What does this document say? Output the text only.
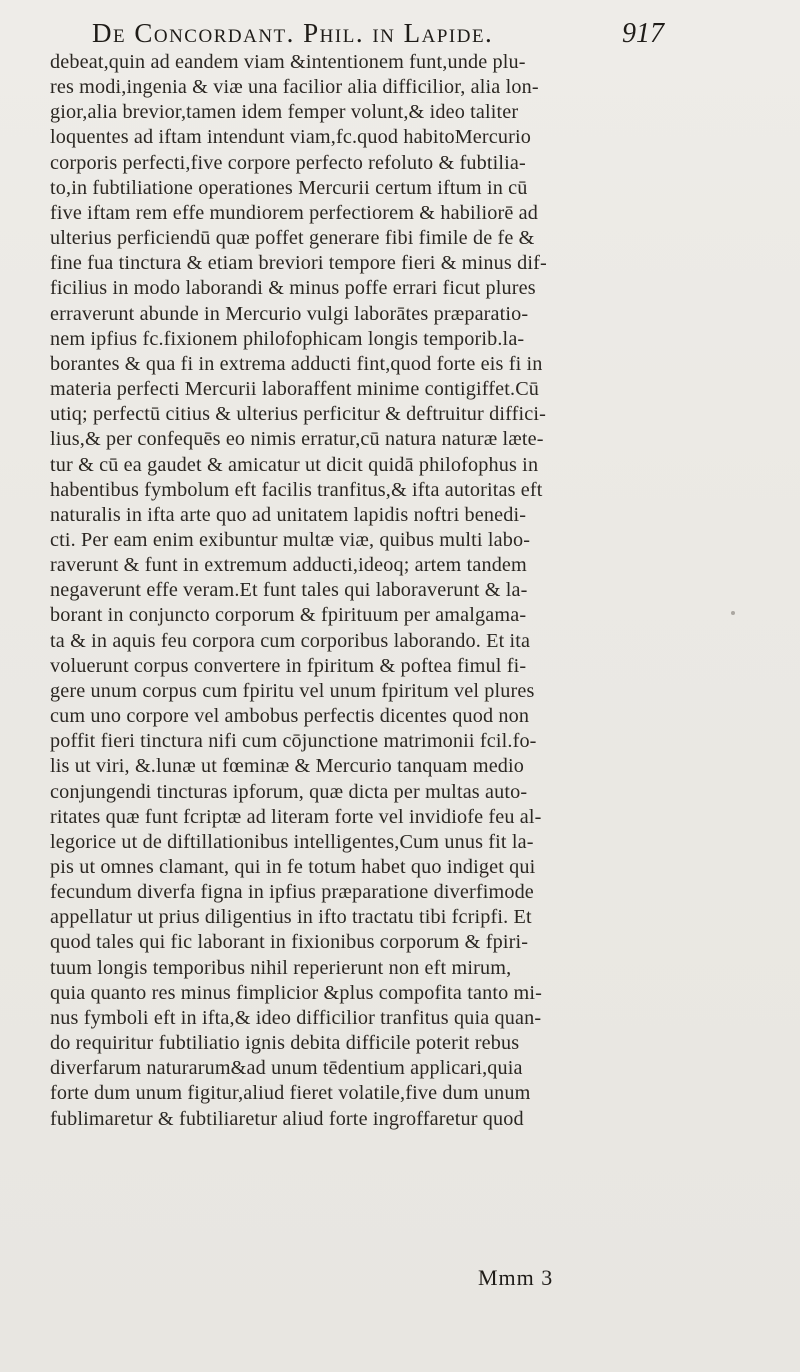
De Concordant. Phil. in Lapide.	917
debeat,quin ad eandem viam &intentionem funt,unde plu-
res modi,ingenia & viæ una facilior alia difficilior, alia lon-
gior,alia brevior,tamen idem femper volunt,& ideo taliter
loquentes ad iftam intendunt viam,fc.quod habitoMercurio
corporis perfecti,five corpore perfecto refoluto & fubtilia-
to,in fubtiliatione operationes Mercurii certum iftum in cū
five iftam rem effe mundiorem perfectiorem & habiliorē ad
ulterius perficiendū quæ poffet generare fibi fimile de fe &
fine fua tinctura & etiam breviori tempore fieri & minus dif-
ficilius in modo laborandi & minus poffe errari ficut plures
erraverunt abunde in Mercurio vulgi laborātes præparatio-
nem ipfius fc.fixionem philofophicam longis temporib.la-
borantes & qua fi in extrema adducti fint,quod forte eis fi in
materia perfecti Mercurii laboraffent minime contigiffet.Cū
utiq; perfectū citius & ulterius perficitur & deftruitur diffici-
lius,& per confequēs eo nimis erratur,cū natura naturæ læte-
tur & cū ea gaudet & amicatur ut dicit quidā philofophus in
habentibus fymbolum eft facilis tranfitus,& ifta autoritas eft
naturalis in ifta arte quo ad unitatem lapidis noftri benedi-
cti. Per eam enim exibuntur multæ viæ, quibus multi labo-
raverunt & funt in extremum adducti,ideoq; artem tandem
negaverunt effe veram.Et funt tales qui laboraverunt & la-
borant in conjuncto corporum & fpirituum per amalgama-
ta & in aquis feu corpora cum corporibus laborando. Et ita
voluerunt corpus convertere in fpiritum & poftea fimul fi-
gere unum corpus cum fpiritu vel unum fpiritum vel plures
cum uno corpore vel ambobus perfectis dicentes quod non
poffit fieri tinctura nifi cum cōjunctione matrimonii fcil.fo-
lis ut viri, &.lunæ ut fœminæ & Mercurio tanquam medio
conjungendi tincturas ipforum, quæ dicta per multas auto-
ritates quæ funt fcriptæ ad literam forte vel invidiofe feu al-
legorice ut de diftillationibus intelligentes,Cum unus fit la-
pis ut omnes clamant, qui in fe totum habet quo indiget qui
fecundum diverfa figna in ipfius præparatione diverfimode
appellatur ut prius diligentius in ifto tractatu tibi fcripfi. Et
quod tales qui fic laborant in fixionibus corporum & fpiri-
tuum longis temporibus nihil reperierunt non eft mirum,
quia quanto res minus fimplicior &plus compofita tanto mi-
nus fymboli eft in ifta,& ideo difficilior tranfitus quia quan-
do requiritur fubtiliatio ignis debita difficile poterit rebus
diverfarum naturarum&ad unum tēdentium applicari,quia
forte dum unum figitur,aliud fieret volatile,five dum unum
fublimaretur & fubtiliaretur aliud forte ingroffaretur quod
Mmm 3
